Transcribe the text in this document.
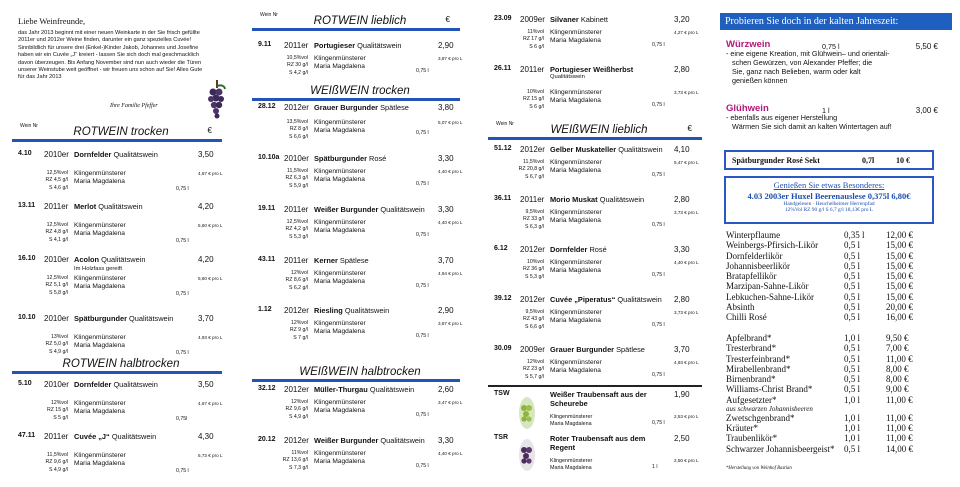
Liebe Weinfreunde,
das Jahr 2013 beginnt mit einer neuen Weinkarte in der Sie frisch gefüllte 2011er und 2012er Weine finden, darunter ein ganz spezielles Cuvée! Sinnbildlich für unsere drei (Enkel-)Kinder Jakob, Johannes und Josefine haben wir ein Cuvée „J“ kreiert - lassen Sie sich doch mal geschmacklich davon überzeugen. Bis Anfang November sind nun auch wieder die Türen unserer Weinstube weit geöffnet - wir freuen uns schon auf Sie! Alles Gute für das Jahr 2013
Ihre Familie Pfeffer
Wein Nr	ROTWEIN trocken	€
4.10 2010er Dornfelder Qualitätswein	3,50
12,5%vol
RZ 4,5 g/l
S 4,6 g/l
Klingenmünsterer
Maria Magdalena
0,75 l
4,67 € pro L
13.11 2011er Merlot Qualitätswein	4,20
12,5%vol
RZ 4,8 g/l
S 4,1 g/l
Klingenmünsterer
Maria Magdalena
0,75 l
5,60 € pro L
16.10 2010er Acolon Qualitätswein
Im Holzfass gereift
4,20
12,5%vol
RZ 5,1 g/l
S 5,8 g/l
Klingenmünsterer
Maria Magdalena
0,75 l
5,60 € pro L
10.10 2010er Spätburgunder Qualitätswein	3,70
13%vol
RZ 5,0 g/l
S 4,9 g/l
Klingenmünsterer
Maria Magdalena
0,75 l
4,93 € pro L
ROTWEIN halbtrocken
5.10 2010er Dornfelder Qualitätswein	3,50
12%vol
RZ 15 g/l
S 5 g/l
Klingenmünsterer
Maria Magdalena
0,75l
4,67 € pro L
47.11 2011er Cuvée „J“ Qualitätswein	4,30
11,5%vol
RZ 9,6 g/l
S 4,9 g/l
Klingenmünsterer
Maria Magdalena
0,75 l
5,73 € pro L
Wein Nr	ROTWEIN lieblich	€
9.11 2011er Portugieser Qualitätswein	2,90
10,5%vol
RZ 30 g/l
S 4,2 g/l
Klingenmünsterer
Maria Magdalena
0,75 l
3,87 € pro L
WEIßWEIN trocken
28.12 2012er Grauer Burgunder Spätlese	3,80
13,5%vol
RZ 8 g/l
S 6,6 g/l
Klingenmünsterer
Maria Magdalena	0,75 l
5,07 € pro L
10.10a 2010er Spätburgunder Rosé	3,30
11,5%vol
RZ 6,3 g/l
S 5,9 g/l
Klingenmünsterer
Maria Magdalena
0,75 l
4,40 € pro L
19.11 2011er Weißer Burgunder Qualitätswein 3,30
12,5%vol
RZ 4,2 g/l
S 5,3 g/l
Klingenmünsterer
Maria Magdalena
0,75 l
4,40 € pro L
43.11 2011er Kerner Spätlese	3,70
12%vol
RZ 8,6 g/l
S 6,2 g/l
Klingenmünsterer
Maria Magdalena
0,75 l
4,94 € pro L
1.12 2012er Riesling Qualitätswein	2,90
12%vol
RZ 9 g/l
S 7 g/l
Klingenmünsterer
Maria Magdalena
0,75 l
3,87 € pro L
WEIßWEIN halbtrocken
32.12 2012er Müller-Thurgau Qualitätswein	2,60
12%vol
RZ 9,6 g/l
S 4,9 g/l
Klingenmünsterer
Maria Magdalena
0,75 l
3,47 € pro L
20.12 2012er Weißer Burgunder Qualitätswein 3,30
11%vol
RZ 13,6 g/l
S 7,3 g/l
Klingenmünsterer
Maria Magdalena
0,75 l
4,40 € pro L
23.09 2009er Silvaner Kabinett	3,20
11%vol
RZ 17 g/l
S 6 g/l
Klingenmünsterer
Maria Magdalena
0,75 l
4,27 € pro L
26.11 2011er Portugieser Weißherbst
Qualitätswein
2,80
10%vol
RZ 15 g/l
S 6 g/l
Klingenmünsterer
Maria Magdalena
0,75 l
3,73 € pro L
Wein Nr	WEIßWEIN lieblich	€
51.12 2012er Gelber Muskateller Qualitätswein 4,10
11,5%vol
RZ 20,8 g/l
S 6,7 g/l
Klingenmünsterer
Maria Magdalena
0,75 l
5,47 € pro L
36.11 2011er Morio Muskat Qualitätswein	2,80
9,5%vol
RZ 33 g/l
S 6,3 g/l
Klingenmünsterer
Maria Magdalena
0,75 l
3,73 € pro L
6.12 2012er Dornfelder Rosé	3,30
10%vol
RZ 36 g/l
S 5,3 g/l
Klingenmünsterer
Maria Magdalena
0,75 l
4,40 € pro L
39.12 2012er Cuvée „Piperatus“ Qualitätswein 2,80
9,5%vol
RZ 43 g/l
S 6,6 g/l
Klingenmünsterer
Maria Magdalena
0,75 l
3,73 € pro L
30.09 2009er Grauer Burgunder Spätlese	3,70
12%vol
RZ 23 g/l
S 5,7 g/l
Klingenmünsterer
Maria Magdalena
0,75 l
4,93 € pro L
TSW	Weißer Traubensaft aus der Scheurebe
1,90
Klingenmünsterer
Maria Magdalena	0,75 l
2,53 € pro L
TSR	Roter Traubensaft aus dem Regent
2,50
Klingenmünsterer
Maria Magdalena	1 l
2,50 € pro L
Probieren Sie doch in der kalten Jahreszeit:
Würzwein	0,75 l	5,50 €
- eine eigene Kreation, mit Glühwein– und orientali-
schen Gewürzen, von Alexander Pfeffer; die
Sie, ganz nach Belieben, warm oder kalt
genießen können
Glühwein	1 l	3,00 €
- ebenfalls aus eigener Herstellung
Wärmen Sie sich damit an kalten Wintertagen auf!
Spätburgunder Rosé Sekt	0,7l	10 €
Genießen Sie etwas Besonderes:
4.03 2003er Huxel Beerenauslese 0,375l 6,80€
Handgelesen · Heuchelheimer Herrenpfad
12%Vol RZ 90 g/l S 6,7 g/l 18,13€ pro L
Winterpflaume	0,35 l 12,00 €
Weinbergs-Pfirsich-Likör	0,5 l	15,00 €
Dornfelderlikör	0,5 l	15,00 €
Johannisbeerlikör	0,5 l	15,00 €
Bratapfellikör	0,5 l	15,00 €
Marzipan-Sahne-Likör	0,5 l	15,00 €
Lebkuchen-Sahne-Likör	0,5 l	15,00 €
Absinth	0,5 l	20,00 €
Chilli Rosé	0,5 l	16,00 €
Apfelbrand*	1,0 l	9,50 €
Tresterbrand*	0,5 l	7,00 €
Tresterfeinbrand*	0,5 l	11,00 €
Mirabellenbrand*	0,5 l	8,00 €
Birnenbrand*	0,5 l	8,00 €
Williams-Christ Brand*	0,5 l	9,00 €
Aufgesetzter*	1,0 l	11,00 €
aus schwarzen Johannisbeeren
Zwetschgenbrand*	1,0 l	11,00 €
Kräuter*	1,0 l	11,00 €
Traubenlikör*	1,0 l	11,00 €
Schwarzer Johannisbeergeist* 0,5 l	14,00 €
*Herstellung von Weinhof Bastian
